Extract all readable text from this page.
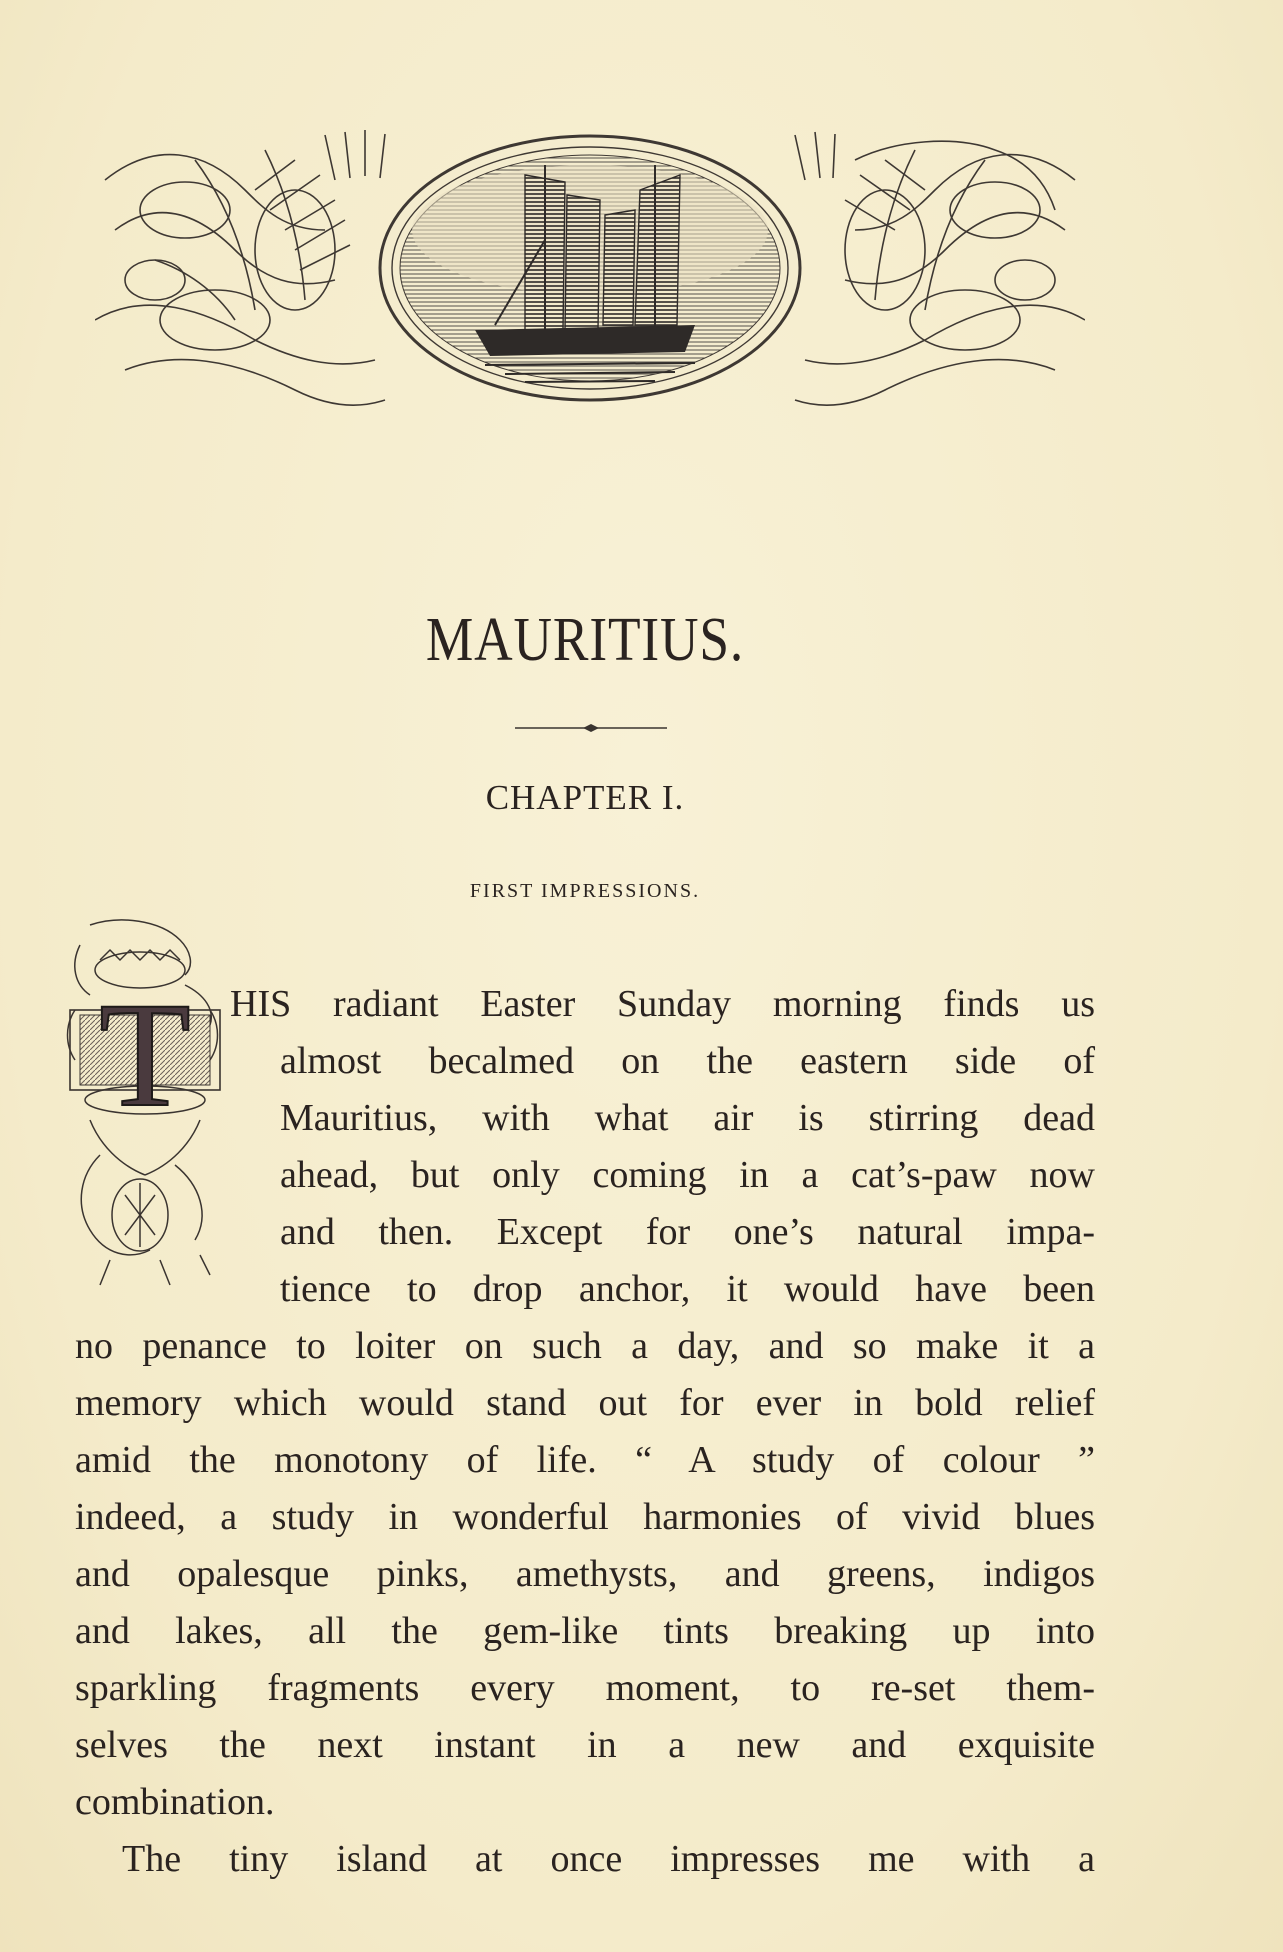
MAURITIUS.
CHAPTER I.
FIRST IMPRESSIONS.
T HIS radiant Easter Sunday morning finds us
almost becalmed on the eastern side of
Mauritius, with what air is stirring dead
ahead, but only coming in a cat’s-paw now
and then. Except for one’s natural impa-
tience to drop anchor, it would have been
no penance to loiter on such a day, and so make it a
memory which would stand out for ever in bold relief
amid the monotony of life. “ A study of colour ”
indeed, a study in wonderful harmonies of vivid blues
and opalesque pinks, amethysts, and greens, indigos
and lakes, all the gem-like tints breaking up into
sparkling fragments every moment, to re-set them-
selves the next instant in a new and exquisite
combination.
The tiny island at once impresses me with a
